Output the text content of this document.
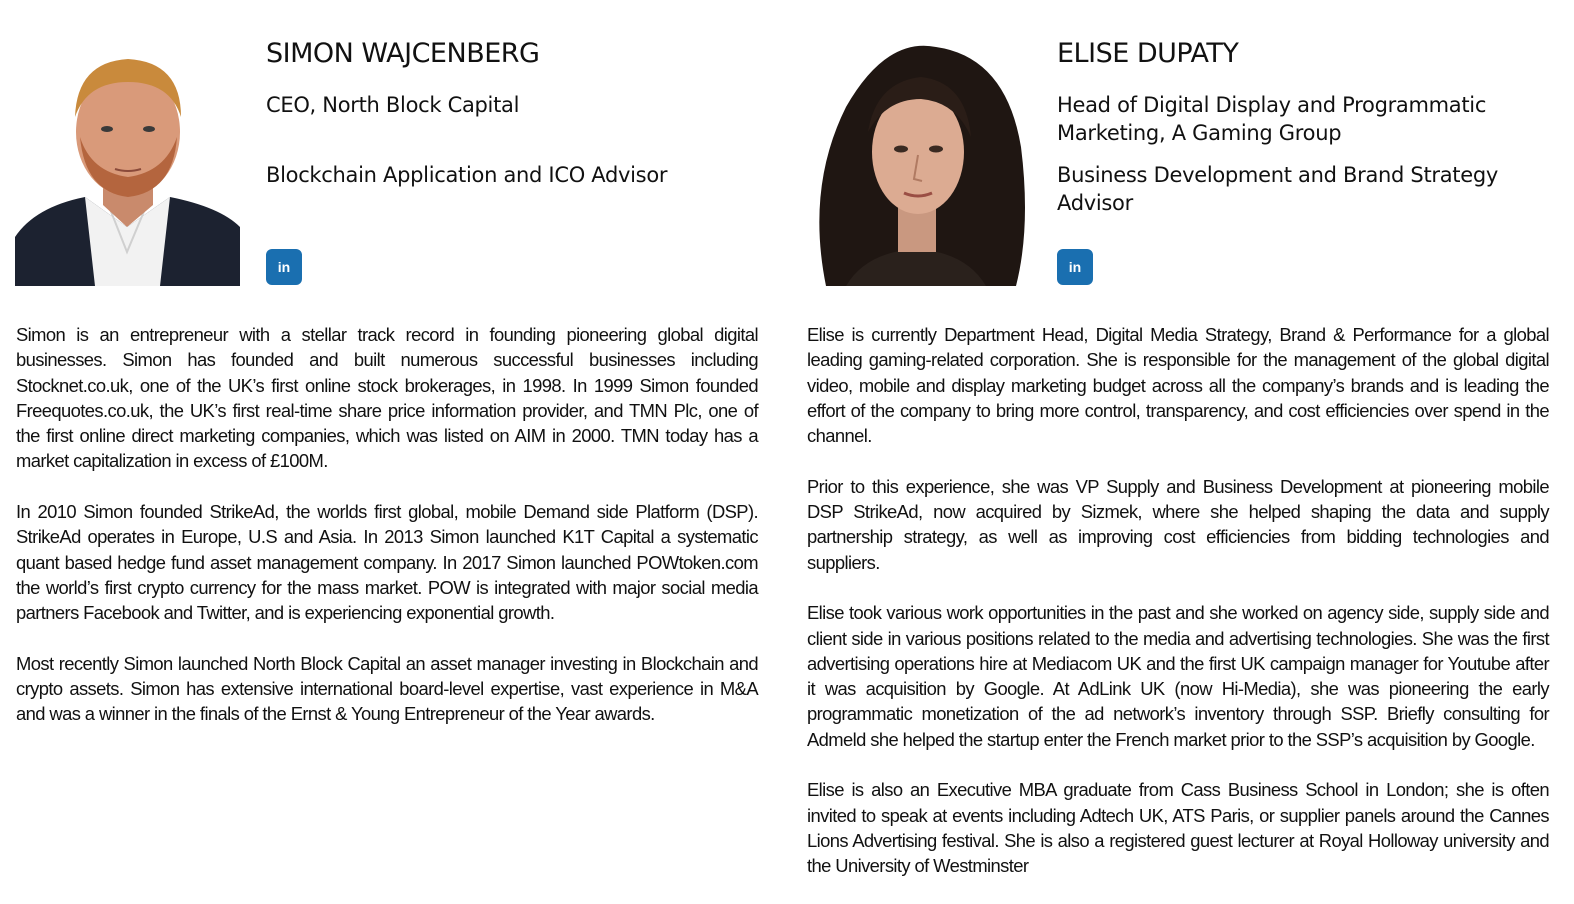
SIMON WAJCENBERG
CEO, North Block Capital
Blockchain Application and ICO Advisor
in

Simon is an entrepreneur with a stellar track record in founding pioneering global digital businesses. Simon has founded and built numerous successful businesses including Stocknet.co.uk, one of the UK’s first online stock brokerages, in 1998. In 1999 Simon founded Freequotes.co.uk, the UK’s first real-time share price information provider, and TMN Plc, one of the first online direct marketing companies, which was listed on AIM in 2000. TMN today has a market capitalization in excess of £100M.

In 2010 Simon founded StrikeAd, the worlds first global, mobile Demand side Platform (DSP). StrikeAd operates in Europe, U.S and Asia. In 2013 Simon launched K1T Capital a systematic quant based hedge fund asset management company. In 2017 Simon launched POWtoken.com the world’s first crypto currency for the mass market. POW is integrated with major social media partners Facebook and Twitter, and is experiencing exponential growth.

Most recently Simon launched North Block Capital an asset manager investing in Blockchain and crypto assets. Simon has extensive international board-level expertise, vast experience in M&A and was a winner in the finals of the Ernst & Young Entrepreneur of the Year awards.

ELISE DUPATY
Head of Digital Display and Programmatic Marketing, A Gaming Group
Business Development and Brand Strategy Advisor
in

Elise is currently Department Head, Digital Media Strategy, Brand & Performance for a global leading gaming-related corporation. She is responsible for the management of the global digital video, mobile and display marketing budget across all the company’s brands and is leading the effort of the company to bring more control, transparency, and cost efficiencies over spend in the channel.

Prior to this experience, she was VP Supply and Business Development at pioneering mobile DSP StrikeAd, now acquired by Sizmek, where she helped shaping the data and supply partnership strategy, as well as improving cost efficiencies from bidding technologies and suppliers.

Elise took various work opportunities in the past and she worked on agency side, supply side and client side in various positions related to the media and advertising technologies. She was the first advertising operations hire at Mediacom UK and the first UK campaign manager for Youtube after it was acquisition by Google. At AdLink UK (now Hi-Media), she was pioneering the early programmatic monetization of the ad network’s inventory through SSP. Briefly consulting for Admeld she helped the startup enter the French market prior to the SSP’s acquisition by Google.

Elise is also an Executive MBA graduate from Cass Business School in London; she is often invited to speak at events including Adtech UK, ATS Paris, or supplier panels around the Cannes Lions Advertising festival. She is also a registered guest lecturer at Royal Holloway university and the University of Westminster
